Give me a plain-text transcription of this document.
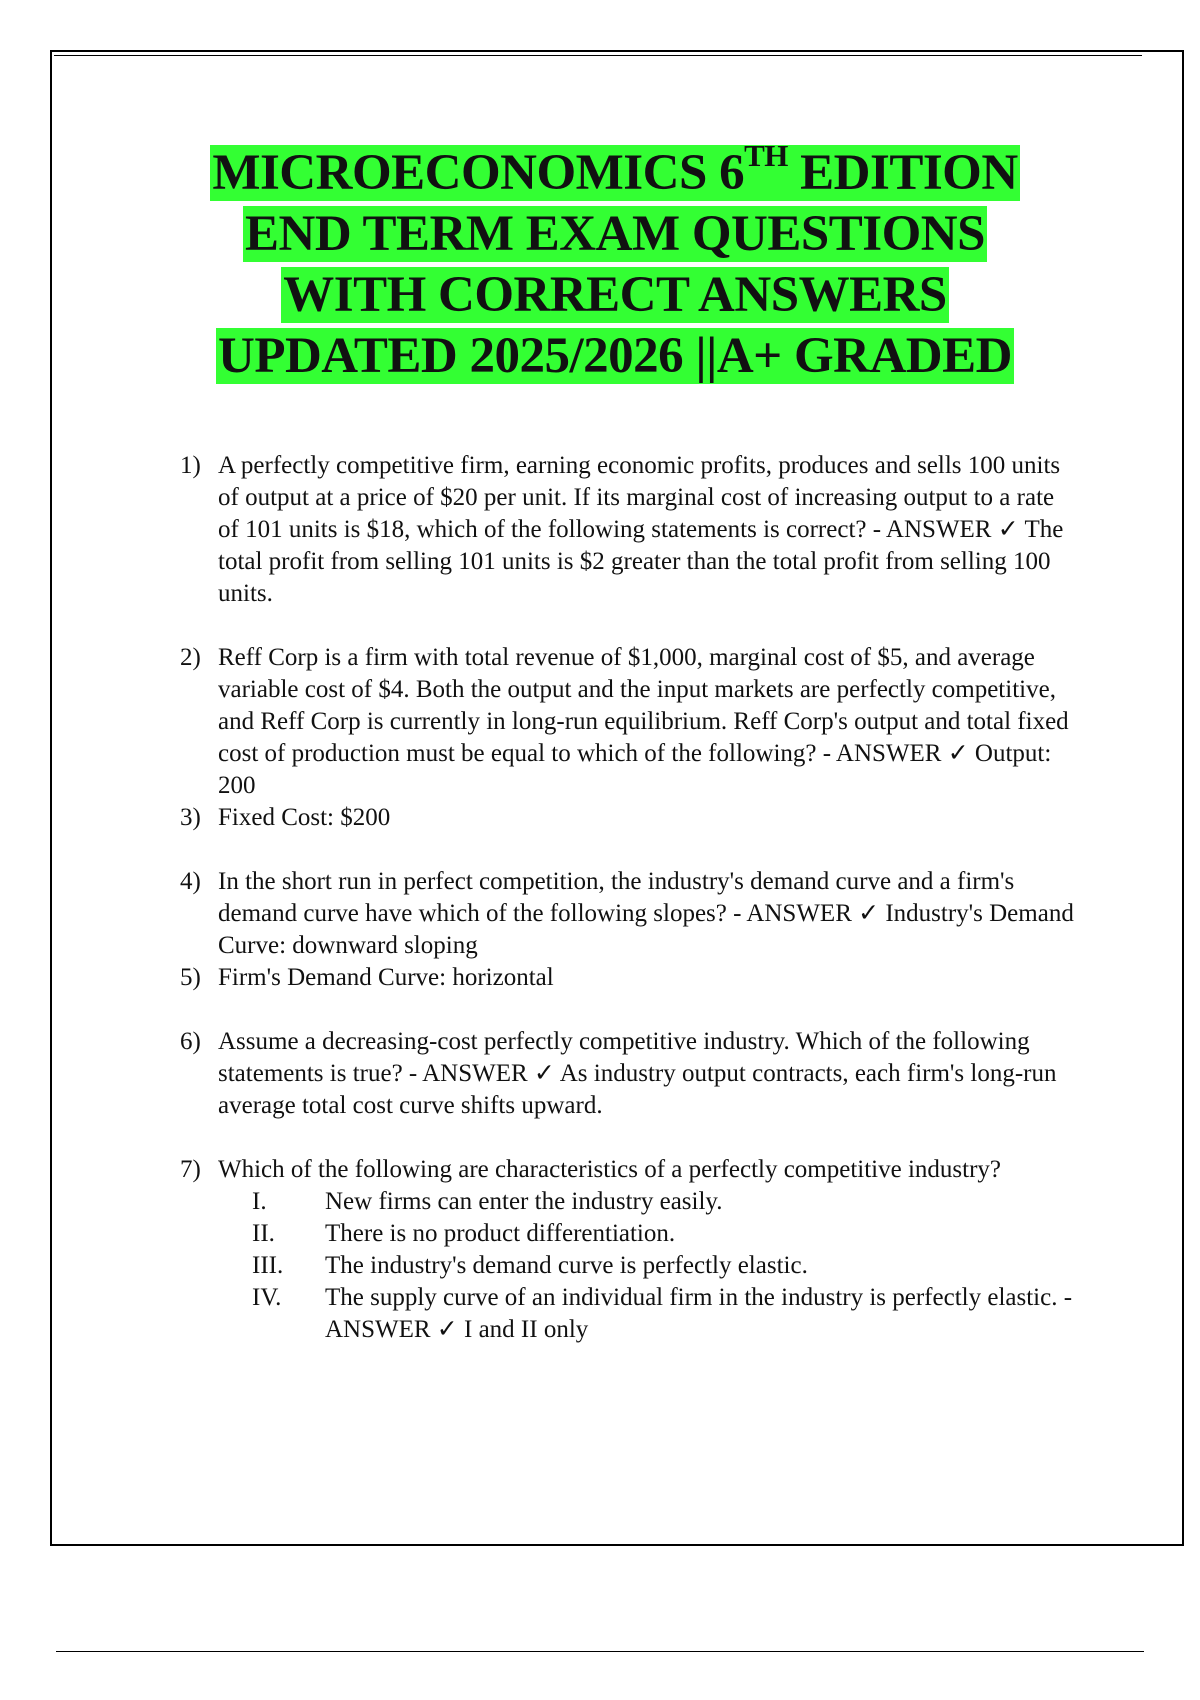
MICROECONOMICS 6TH EDITION
END TERM EXAM QUESTIONS
WITH CORRECT ANSWERS
UPDATED 2025/2026 ||A+ GRADED
1) A perfectly competitive firm, earning economic profits, produces and sells 100 units of output at a price of $20 per unit. If its marginal cost of increasing output to a rate of 101 units is $18, which of the following statements is correct? - ANSWER ✓ The total profit from selling 101 units is $2 greater than the total profit from selling 100 units.
2) Reff Corp is a firm with total revenue of $1,000, marginal cost of $5, and average variable cost of $4. Both the output and the input markets are perfectly competitive, and Reff Corp is currently in long-run equilibrium. Reff Corp's output and total fixed cost of production must be equal to which of the following? - ANSWER ✓ Output: 200
3) Fixed Cost: $200
4) In the short run in perfect competition, the industry's demand curve and a firm's demand curve have which of the following slopes? - ANSWER ✓ Industry's Demand Curve: downward sloping
5) Firm's Demand Curve: horizontal
6) Assume a decreasing-cost perfectly competitive industry. Which of the following statements is true? - ANSWER ✓ As industry output contracts, each firm's long-run average total cost curve shifts upward.
7) Which of the following are characteristics of a perfectly competitive industry?
I. New firms can enter the industry easily.
II. There is no product differentiation.
III. The industry's demand curve is perfectly elastic.
IV. The supply curve of an individual firm in the industry is perfectly elastic. - ANSWER ✓ I and II only
